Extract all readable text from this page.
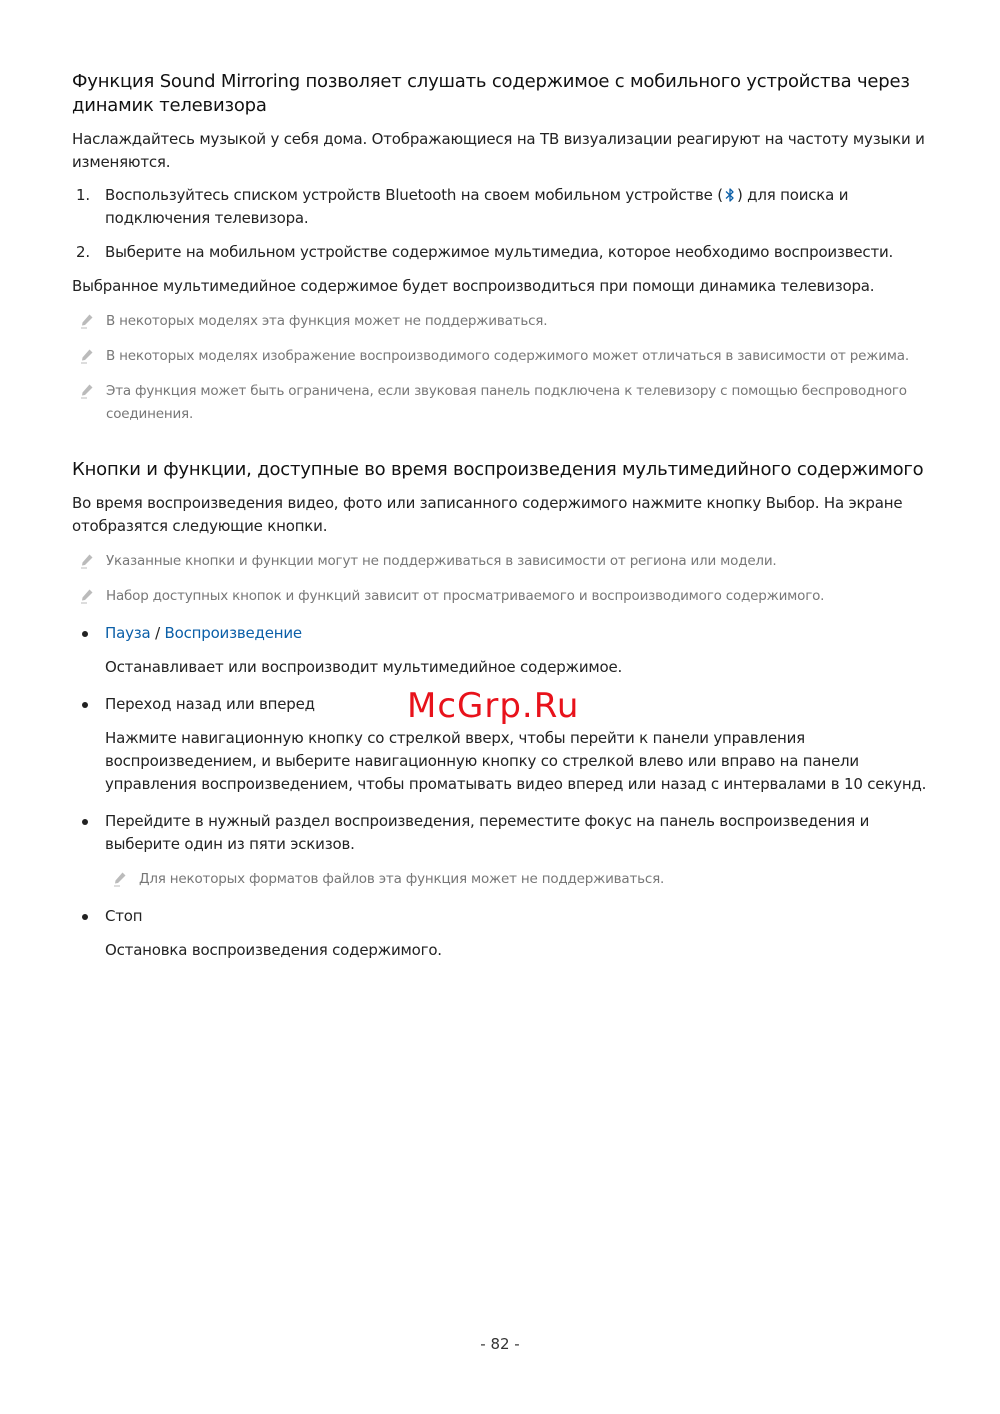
Функция Sound Mirroring позволяет слушать содержимое с мобильного устройства через динамик телевизора

Наслаждайтесь музыкой у себя дома. Отображающиеся на ТВ визуализации реагируют на частоту музыки и изменяются.

1. Воспользуйтесь списком устройств Bluetooth на своем мобильном устройстве ( ) для поиска и подключения телевизора.
2. Выберите на мобильном устройстве содержимое мультимедиа, которое необходимо воспроизвести.

Выбранное мультимедийное содержимое будет воспроизводиться при помощи динамика телевизора.

В некоторых моделях эта функция может не поддерживаться.
В некоторых моделях изображение воспроизводимого содержимого может отличаться в зависимости от режима.
Эта функция может быть ограничена, если звуковая панель подключена к телевизору с помощью беспроводного соединения.
Кнопки и функции, доступные во время воспроизведения мультимедийного содержимого

Во время воспроизведения видео, фото или записанного содержимого нажмите кнопку Выбор. На экране отобразятся следующие кнопки.

Указанные кнопки и функции могут не поддерживаться в зависимости от региона или модели.
Набор доступных кнопок и функций зависит от просматриваемого и воспроизводимого содержимого.
Пауза / Воспроизведение
Останавливает или воспроизводит мультимедийное содержимое.
Переход назад или вперед
Нажмите навигационную кнопку со стрелкой вверх, чтобы перейти к панели управления воспроизведением, и выберите навигационную кнопку со стрелкой влево или вправо на панели управления воспроизведением, чтобы проматывать видео вперед или назад с интервалами в 10 секунд.
Перейдите в нужный раздел воспроизведения, переместите фокус на панель воспроизведения и выберите один из пяти эскизов.
Для некоторых форматов файлов эта функция может не поддерживаться.
Стоп
Остановка воспроизведения содержимого.
McGrp.Ru
- 82 -
